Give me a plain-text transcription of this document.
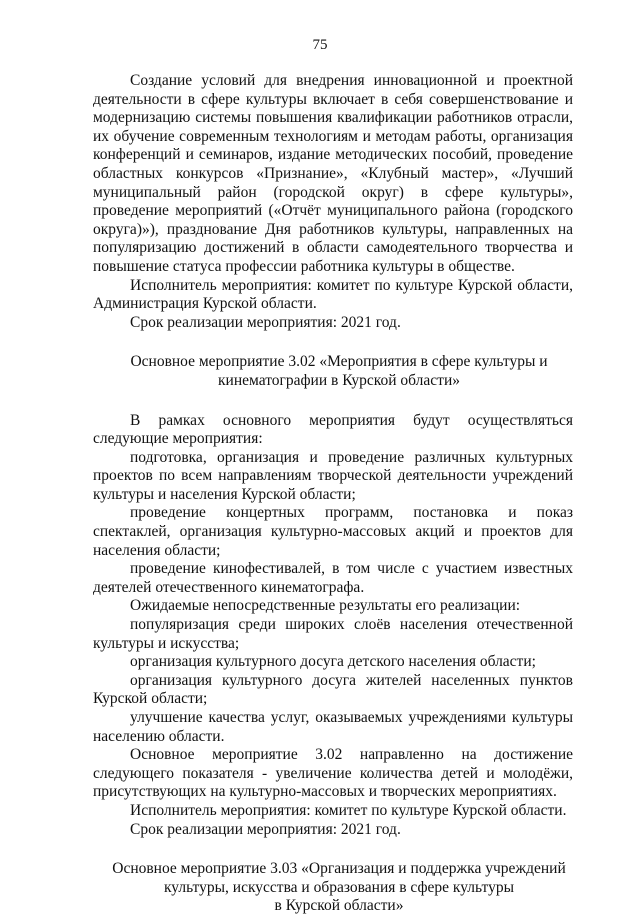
75

Создание условий для внедрения инновационной и проектной деятельности в сфере культуры включает в себя совершенствование и модернизацию системы повышения квалификации работников отрасли, их обучение современным технологиям и методам работы, организация конференций и семинаров, издание методических пособий, проведение областных конкурсов «Признание», «Клубный мастер», «Лучший муниципальный район (городской округ) в сфере культуры», проведение мероприятий («Отчёт муниципального района (городского округа)»), празднование Дня работников культуры, направленных на популяризацию достижений в области самодеятельного творчества и повышение статуса профессии работника культуры в обществе.

Исполнитель мероприятия: комитет по культуре Курской области, Администрация Курской области.

Срок реализации мероприятия: 2021 год.

Основное мероприятие 3.02 «Мероприятия в сфере культуры и

кинематографии в Курской области»

В рамках основного мероприятия будут осуществляться следующие мероприятия:

подготовка, организация и проведение различных культурных проектов по всем направлениям творческой деятельности учреждений культуры и населения Курской области;

проведение концертных программ, постановка и показ спектаклей, организация культурно-массовых акций и проектов для населения области;

проведение кинофестивалей, в том числе с участием известных деятелей отечественного кинематографа.

Ожидаемые непосредственные результаты его реализации:

популяризация среди широких слоёв населения отечественной культуры и искусства;

организация культурного досуга детского населения области;

организация культурного досуга жителей населенных пунктов Курской области;

улучшение качества услуг, оказываемых учреждениями культуры населению области.

Основное мероприятие 3.02 направленно на достижение следующего показателя - увеличение количества детей и молодёжи, присутствующих на культурно-массовых и творческих мероприятиях.

Исполнитель мероприятия: комитет по культуре Курской области.

Срок реализации мероприятия: 2021 год.

Основное мероприятие 3.03 «Организация и поддержка учреждений

культуры, искусства и образования в сфере культуры

в Курской области»
